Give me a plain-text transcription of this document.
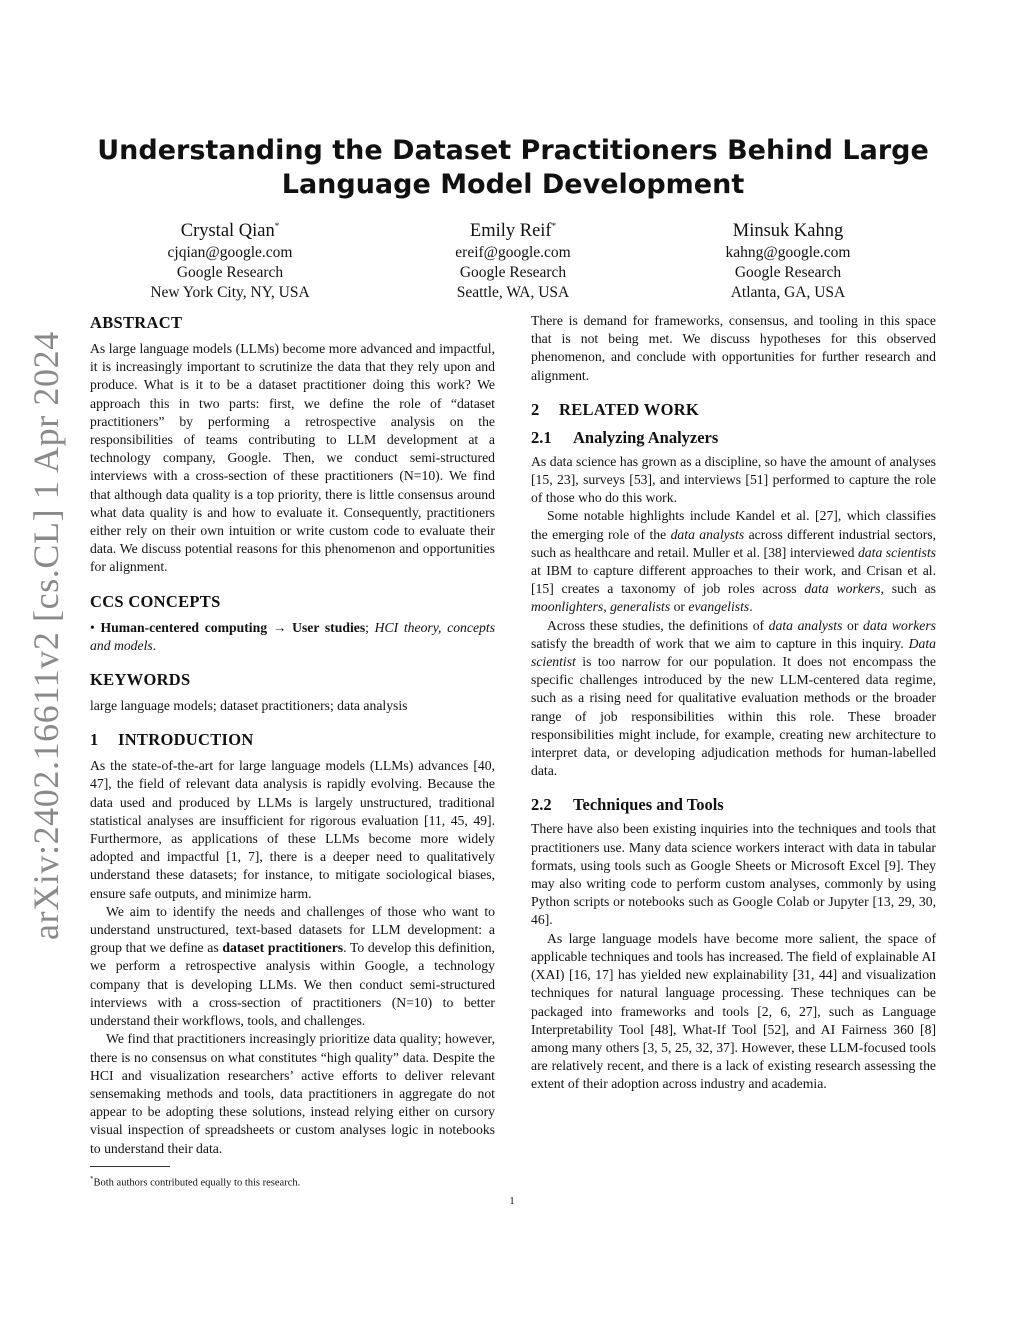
arXiv:2402.16611v2 [cs.CL] 1 Apr 2024
Understanding the Dataset Practitioners Behind Large Language Model Development
Crystal Qian*
cjqian@google.com
Google Research
New York City, NY, USA
Emily Reif*
ereif@google.com
Google Research
Seattle, WA, USA
Minsuk Kahng
kahng@google.com
Google Research
Atlanta, GA, USA
ABSTRACT

As large language models (LLMs) become more advanced and impactful, it is increasingly important to scrutinize the data that they rely upon and produce. What is it to be a dataset practitioner doing this work? We approach this in two parts: first, we define the role of “dataset practitioners” by performing a retrospective analysis on the responsibilities of teams contributing to LLM development at a technology company, Google. Then, we conduct semi-structured interviews with a cross-section of these practitioners (N=10). We find that although data quality is a top priority, there is little consensus around what data quality is and how to evaluate it. Consequently, practitioners either rely on their own intuition or write custom code to evaluate their data. We discuss potential reasons for this phenomenon and opportunities for alignment.

CCS CONCEPTS

• Human-centered computing → User studies; HCI theory, concepts and models.

KEYWORDS

large language models; dataset practitioners; data analysis

1 INTRODUCTION

As the state-of-the-art for large language models (LLMs) advances [40, 47], the field of relevant data analysis is rapidly evolving. Because the data used and produced by LLMs is largely unstructured, traditional statistical analyses are insufficient for rigorous evaluation [11, 45, 49]. Furthermore, as applications of these LLMs become more widely adopted and impactful [1, 7], there is a deeper need to qualitatively understand these datasets; for instance, to mitigate sociological biases, ensure safe outputs, and minimize harm.

We aim to identify the needs and challenges of those who want to understand unstructured, text-based datasets for LLM development: a group that we define as dataset practitioners. To develop this definition, we perform a retrospective analysis within Google, a technology company that is developing LLMs. We then conduct semi-structured interviews with a cross-section of practitioners (N=10) to better understand their workflows, tools, and challenges.

We find that practitioners increasingly prioritize data quality; however, there is no consensus on what constitutes “high quality” data. Despite the HCI and visualization researchers’ active efforts to deliver relevant sensemaking methods and tools, data practitioners in aggregate do not appear to be adopting these solutions, instead relying either on cursory visual inspection of spreadsheets or custom analyses logic in notebooks to understand their data.

There is demand for frameworks, consensus, and tooling in this space that is not being met. We discuss hypotheses for this observed phenomenon, and conclude with opportunities for further research and alignment.

2 RELATED WORK
2.1 Analyzing Analyzers

As data science has grown as a discipline, so have the amount of analyses [15, 23], surveys [53], and interviews [51] performed to capture the role of those who do this work.

Some notable highlights include Kandel et al. [27], which classifies the emerging role of the data analysts across different industrial sectors, such as healthcare and retail. Muller et al. [38] interviewed data scientists at IBM to capture different approaches to their work, and Crisan et al. [15] creates a taxonomy of job roles across data workers, such as moonlighters, generalists or evangelists.

Across these studies, the definitions of data analysts or data workers satisfy the breadth of work that we aim to capture in this inquiry. Data scientist is too narrow for our population. It does not encompass the specific challenges introduced by the new LLM-centered data regime, such as a rising need for qualitative evaluation methods or the broader range of job responsibilities within this role. These broader responsibilities might include, for example, creating new architecture to interpret data, or developing adjudication methods for human-labelled data.

2.2 Techniques and Tools

There have also been existing inquiries into the techniques and tools that practitioners use. Many data science workers interact with data in tabular formats, using tools such as Google Sheets or Microsoft Excel [9]. They may also writing code to perform custom analyses, commonly by using Python scripts or notebooks such as Google Colab or Jupyter [13, 29, 30, 46].

As large language models have become more salient, the space of applicable techniques and tools has increased. The field of explainable AI (XAI) [16, 17] has yielded new explainability [31, 44] and visualization techniques for natural language processing. These techniques can be packaged into frameworks and tools [2, 6, 27], such as Language Interpretability Tool [48], What-If Tool [52], and AI Fairness 360 [8] among many others [3, 5, 25, 32, 37]. However, these LLM-focused tools are relatively recent, and there is a lack of existing research assessing the extent of their adoption across industry and academia.

*Both authors contributed equally to this research.
1
